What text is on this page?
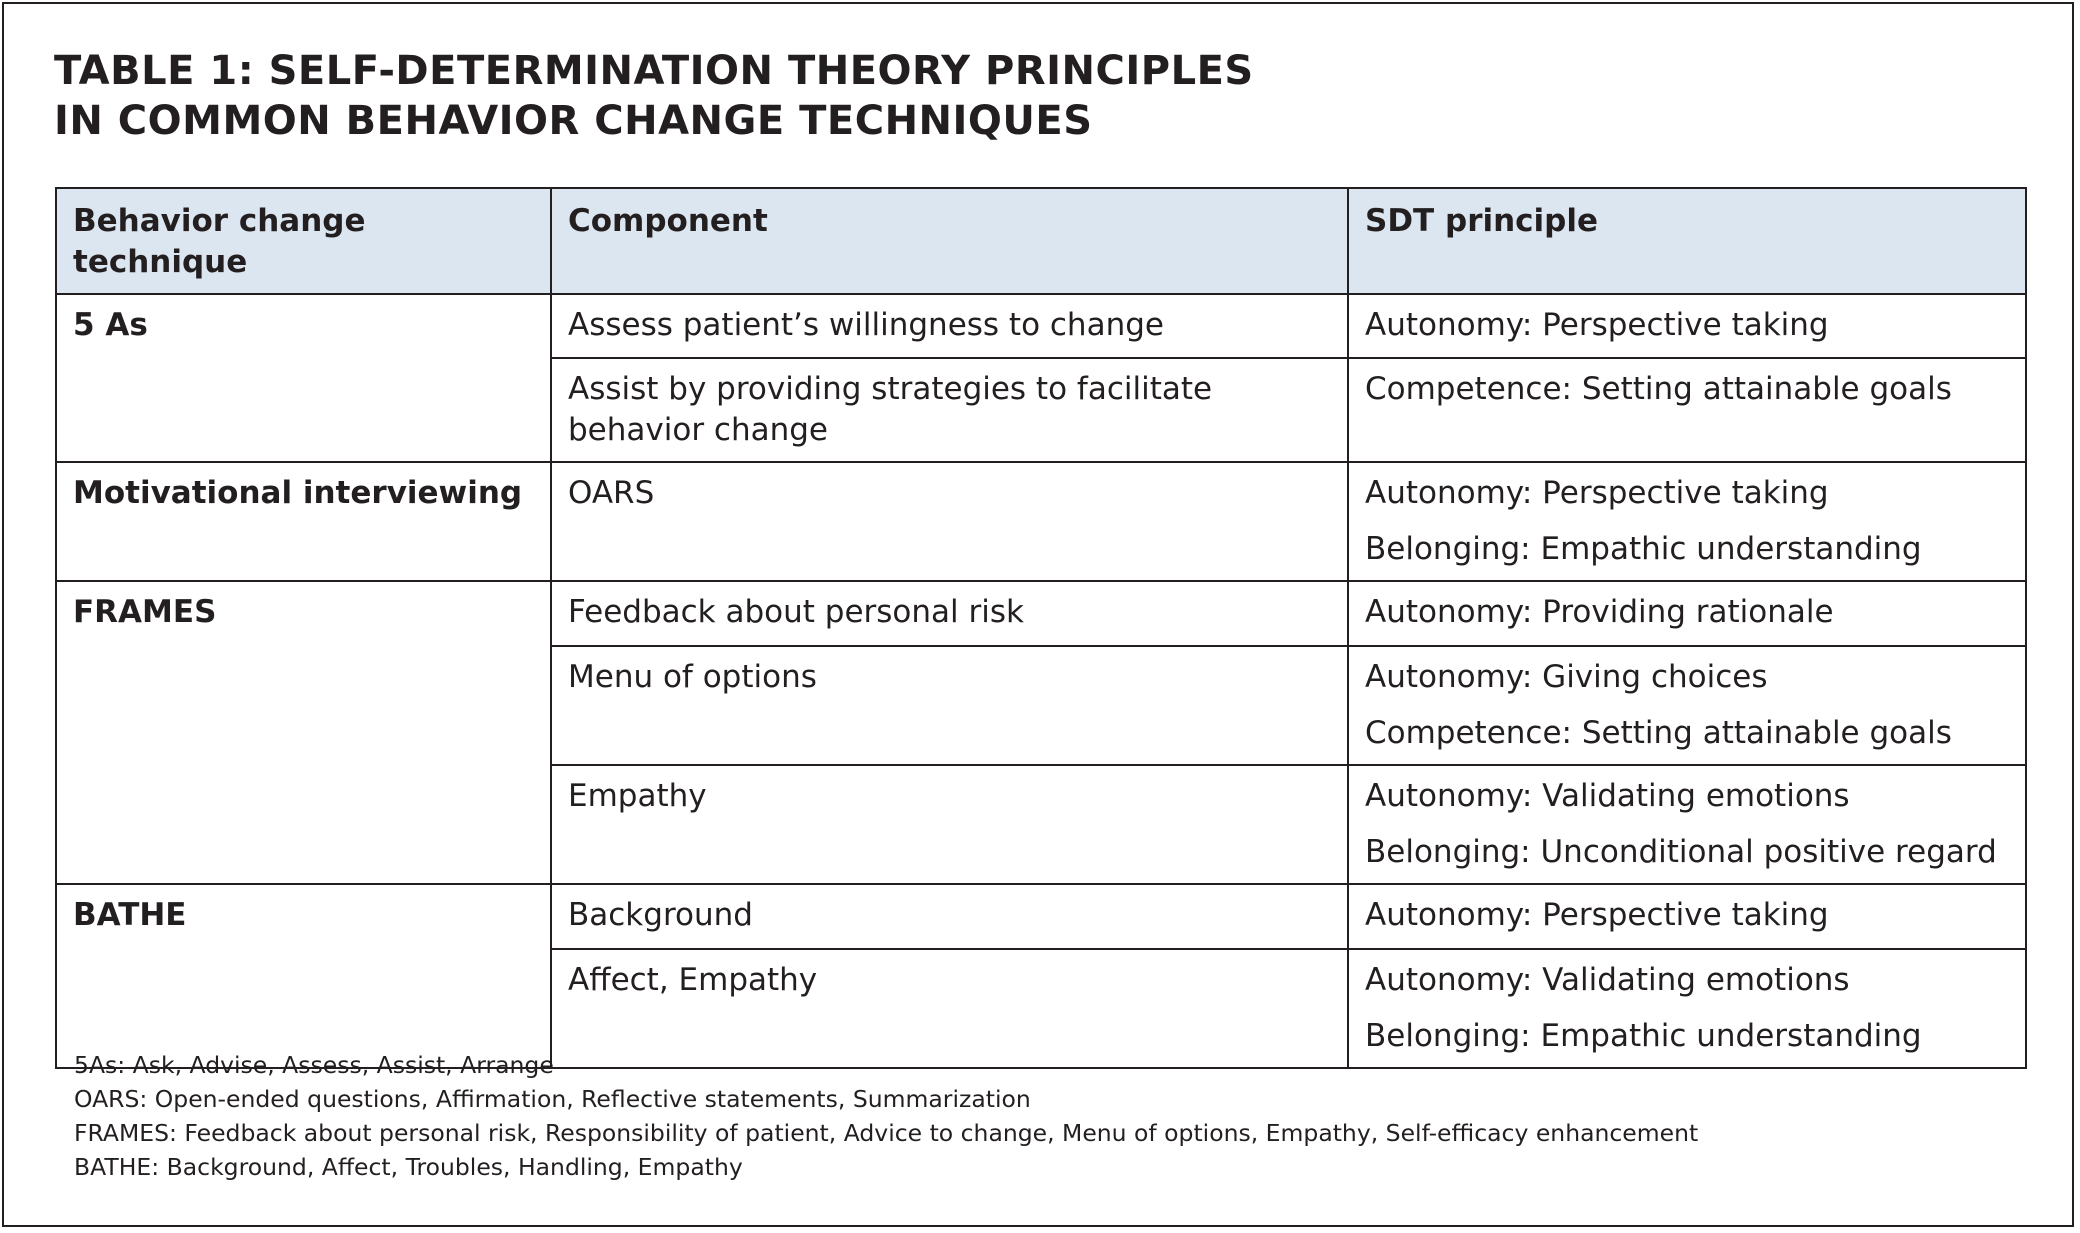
TABLE 1: SELF-DETERMINATION THEORY PRINCIPLES
IN COMMON BEHAVIOR CHANGE TECHNIQUES
Behavior change technique	Component	SDT principle
5 As	Assess patient’s willingness to change	Autonomy: Perspective taking

	Assist by providing strategies to facilitate behavior change	Competence: Setting attainable goals

Motivational interviewing	OARS	Autonomy: Perspective taking
Belonging: Empathic understanding

FRAMES	Feedback about personal risk	Autonomy: Providing rationale

	Menu of options	Autonomy: Giving choices
Competence: Setting attainable goals

	Empathy	Autonomy: Validating emotions
Belonging: Unconditional positive regard

BATHE	Background	Autonomy: Perspective taking

	Affect, Empathy	Autonomy: Validating emotions
Belonging: Empathic understanding
5As: Ask, Advise, Assess, Assist, Arrange
OARS: Open-ended questions, Affirmation, Reflective statements, Summarization
FRAMES: Feedback about personal risk, Responsibility of patient, Advice to change, Menu of options, Empathy, Self-efficacy enhancement
BATHE: Background, Affect, Troubles, Handling, Empathy
